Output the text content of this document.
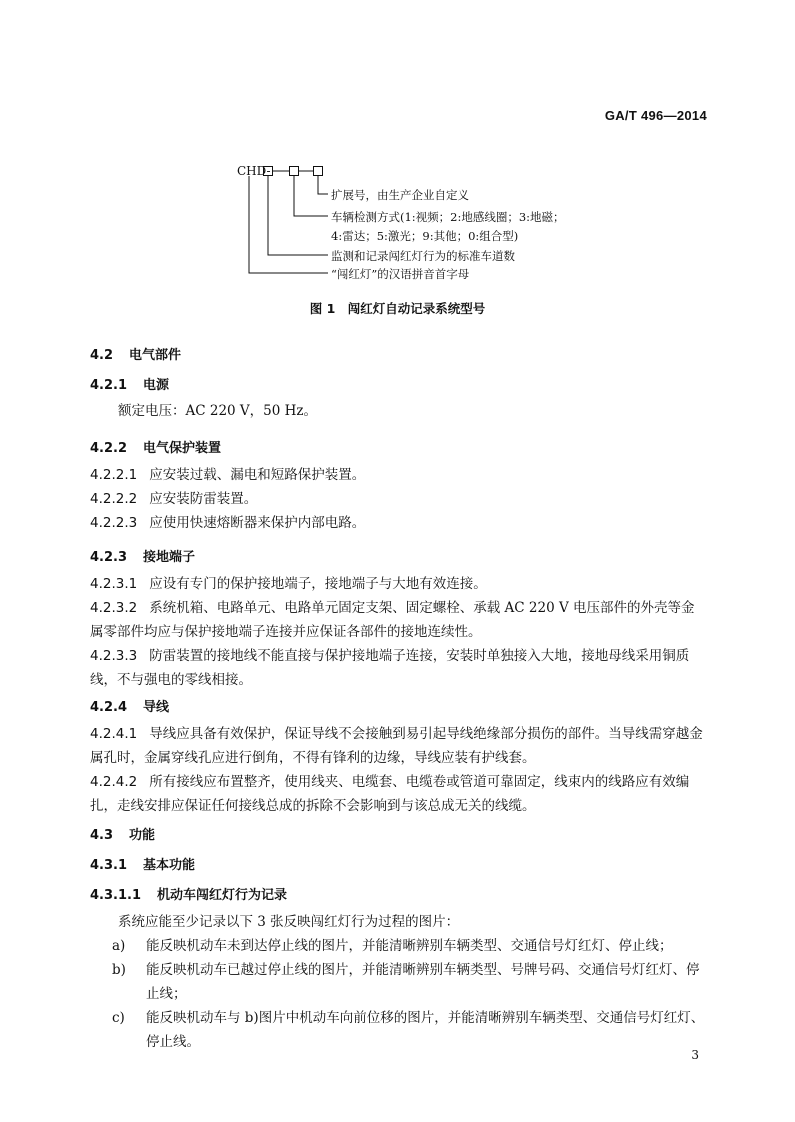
GA/T 496—2014
CHD-
扩展号，由生产企业自定义
车辆检测方式(1:视频；2:地感线圈；3:地磁；
4:雷达；5:激光；9:其他；0:组合型)
监测和记录闯红灯行为的标准车道数
“闯红灯”的汉语拼音首字母
图 1　闯红灯自动记录系统型号
4.2 电气部件
4.2.1 电源

额定电压：AC 220 V，50 Hz。

4.2.2 电气保护装置

4.2.2.1 应安装过载、漏电和短路保护装置。

4.2.2.2 应安装防雷装置。

4.2.2.3 应使用快速熔断器来保护内部电路。

4.2.3 接地端子

4.2.3.1 应设有专门的保护接地端子，接地端子与大地有效连接。

4.2.3.2 系统机箱、电路单元、电路单元固定支架、固定螺栓、承载 AC 220 V 电压部件的外壳等金属零部件均应与保护接地端子连接并应保证各部件的接地连续性。

4.2.3.3 防雷装置的接地线不能直接与保护接地端子连接，安装时单独接入大地，接地母线采用铜质线，不与强电的零线相接。

4.2.4 导线

4.2.4.1 导线应具备有效保护，保证导线不会接触到易引起导线绝缘部分损伤的部件。当导线需穿越金属孔时，金属穿线孔应进行倒角，不得有锋利的边缘，导线应装有护线套。

4.2.4.2 所有接线应布置整齐，使用线夹、电缆套、电缆卷或管道可靠固定，线束内的线路应有效编扎，走线安排应保证任何接线总成的拆除不会影响到与该总成无关的线缆。

4.3 功能
4.3.1 基本功能
4.3.1.1 机动车闯红灯行为记录

系统应能至少记录以下 3 张反映闯红灯行为过程的图片：

a) 能反映机动车未到达停止线的图片，并能清晰辨别车辆类型、交通信号灯红灯、停止线；

b) 能反映机动车已越过停止线的图片，并能清晰辨别车辆类型、号牌号码、交通信号灯红灯、停止线；

c) 能反映机动车与 b)图片中机动车向前位移的图片，并能清晰辨别车辆类型、交通信号灯红灯、停止线。

3
